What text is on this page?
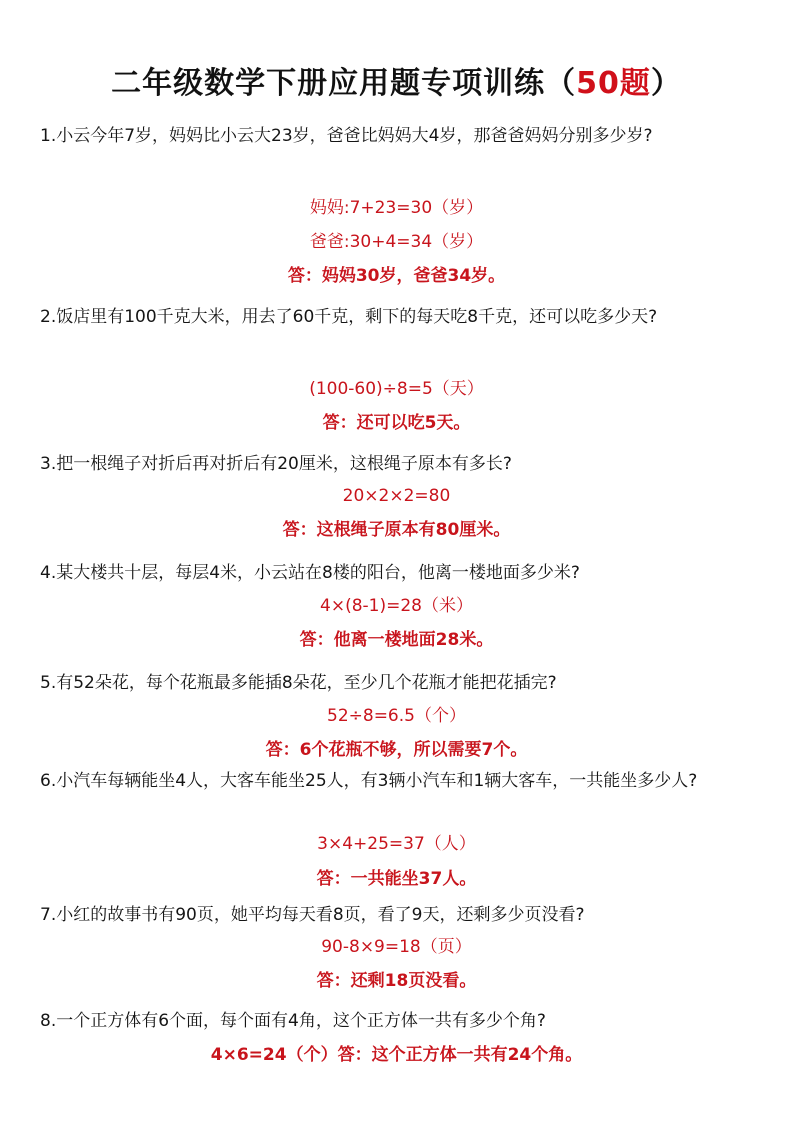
二年级数学下册应用题专项训练（50题）
1.小云今年7岁，妈妈比小云大23岁，爸爸比妈妈大4岁，那爸爸妈妈分别多少岁?
妈妈:7+23=30（岁）
爸爸:30+4=34（岁）
答：妈妈30岁，爸爸34岁。
2.饭店里有100千克大米，用去了60千克，剩下的每天吃8千克，还可以吃多少天?
(100-60)÷8=5（天）
答：还可以吃5天。
3.把一根绳子对折后再对折后有20厘米，这根绳子原本有多长?
20×2×2=80
答：这根绳子原本有80厘米。
4.某大楼共十层，每层4米，小云站在8楼的阳台，他离一楼地面多少米?
4×(8-1)=28（米）
答：他离一楼地面28米。
5.有52朵花，每个花瓶最多能插8朵花，至少几个花瓶才能把花插完?
52÷8=6.5（个）
答：6个花瓶不够，所以需要7个。
6.小汽车每辆能坐4人，大客车能坐25人，有3辆小汽车和1辆大客车，一共能坐多少人?
3×4+25=37（人）
答：一共能坐37人。
7.小红的故事书有90页，她平均每天看8页，看了9天，还剩多少页没看?
90-8×9=18（页）
答：还剩18页没看。
8.一个正方体有6个面，每个面有4角，这个正方体一共有多少个角?
4×6=24（个）答：这个正方体一共有24个角。
